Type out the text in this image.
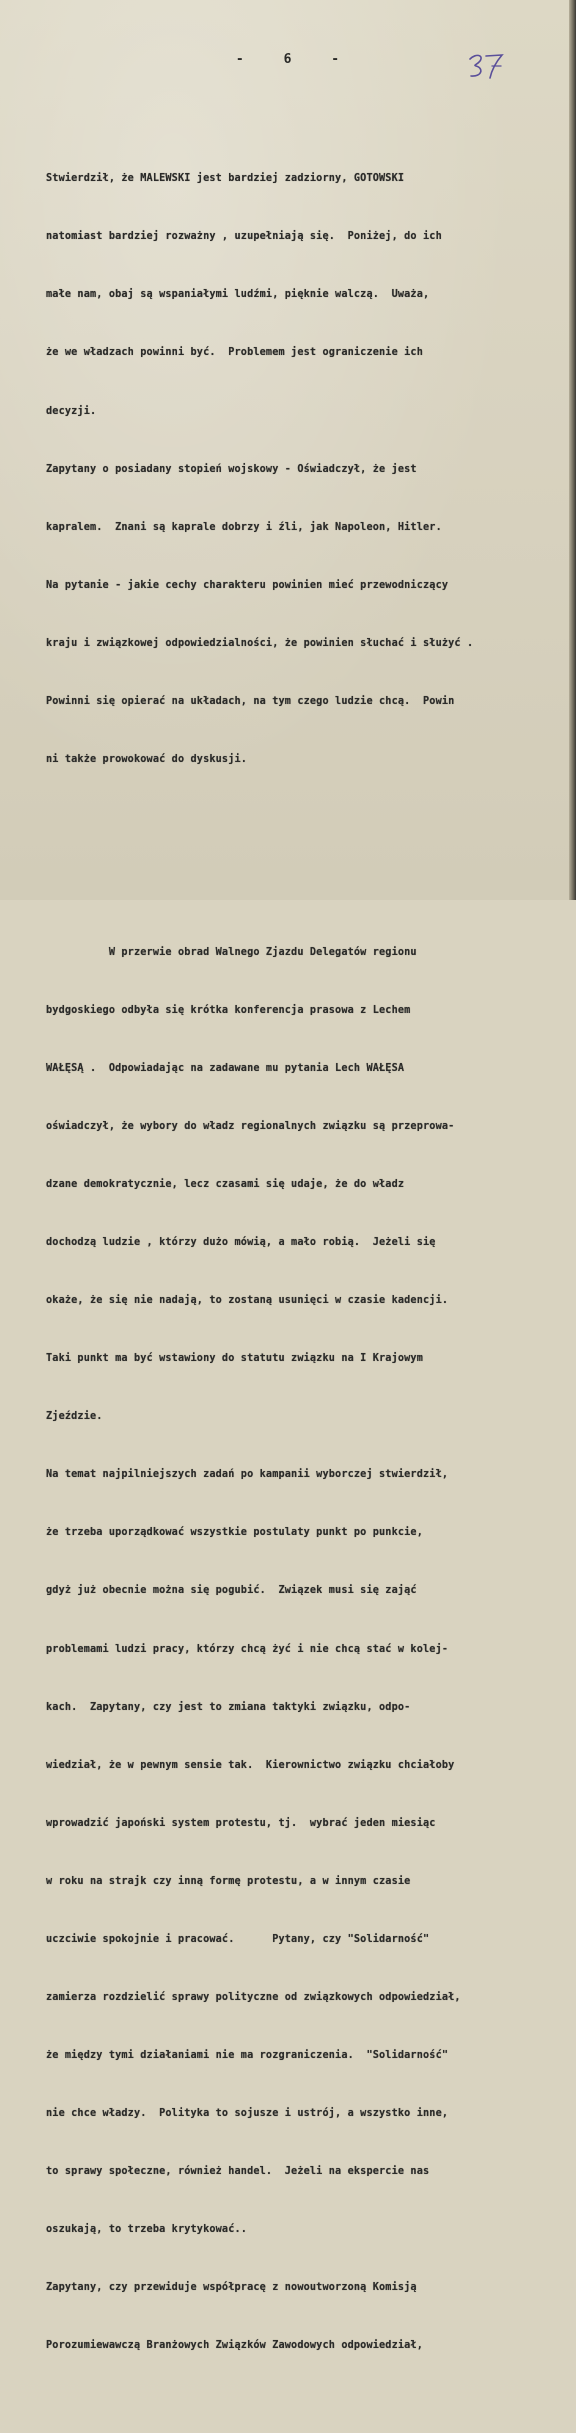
-	6	-

Stwierdził, że MALEWSKI jest bardziej zadziorny, GOTOWSKI

natomiast bardziej rozważny , uzupełniają się.  Poniżej, do ich

małe nam, obaj są wspaniałymi ludźmi, pięknie walczą.  Uważa,

że we władzach powinni być.  Problemem jest ograniczenie ich

decyzji.

Zapytany o posiadany stopień wojskowy - Oświadczył, że jest

kapralem.  Znani są kaprale dobrzy i źli, jak Napoleon, Hitler.

Na pytanie - jakie cechy charakteru powinien mieć przewodniczący

kraju i związkowej odpowiedzialności, że powinien słuchać i służyć .

Powinni się opierać na układach, na tym czego ludzie chcą.  Powin

ni także prowokować do dyskusji.

W przerwie obrad Walnego Zjazdu Delegatów regionu

bydgoskiego odbyła się krótka konferencja prasowa z Lechem

WAŁĘSĄ .  Odpowiadając na zadawane mu pytania Lech WAŁĘSA

oświadczył, że wybory do władz regionalnych związku są przeprowa-

dzane demokratycznie, lecz czasami się udaje, że do władz

dochodzą ludzie , którzy dużo mówią, a mało robią.  Jeżeli się

okaże, że się nie nadają, to zostaną usunięci w czasie kadencji.

Taki punkt ma być wstawiony do statutu związku na I Krajowym

Zjeździe.

Na temat najpilniejszych zadań po kampanii wyborczej stwierdził,

że trzeba uporządkować wszystkie postulaty punkt po punkcie,

gdyż już obecnie można się pogubić.  Związek musi się zająć

problemami ludzi pracy, którzy chcą żyć i nie chcą stać w kolej-

kach.  Zapytany, czy jest to zmiana taktyki związku, odpo-

wiedział, że w pewnym sensie tak.  Kierownictwo związku chciałoby

wprowadzić japoński system protestu, tj.  wybrać jeden miesiąc

w roku na strajk czy inną formę protestu, a w innym czasie

uczciwie spokojnie i pracować.      Pytany, czy "Solidarność"

zamierza rozdzielić sprawy polityczne od związkowych odpowiedział,

że między tymi działaniami nie ma rozgraniczenia.  "Solidarność"

nie chce władzy.  Polityka to sojusze i ustrój, a wszystko inne,

to sprawy społeczne, również handel.  Jeżeli na ekspercie nas

oszukają, to trzeba krytykować..

Zapytany, czy przewiduje współpracę z nowoutworzoną Komisją

Porozumiewawczą Branżowych Związków Zawodowych odpowiedział,
